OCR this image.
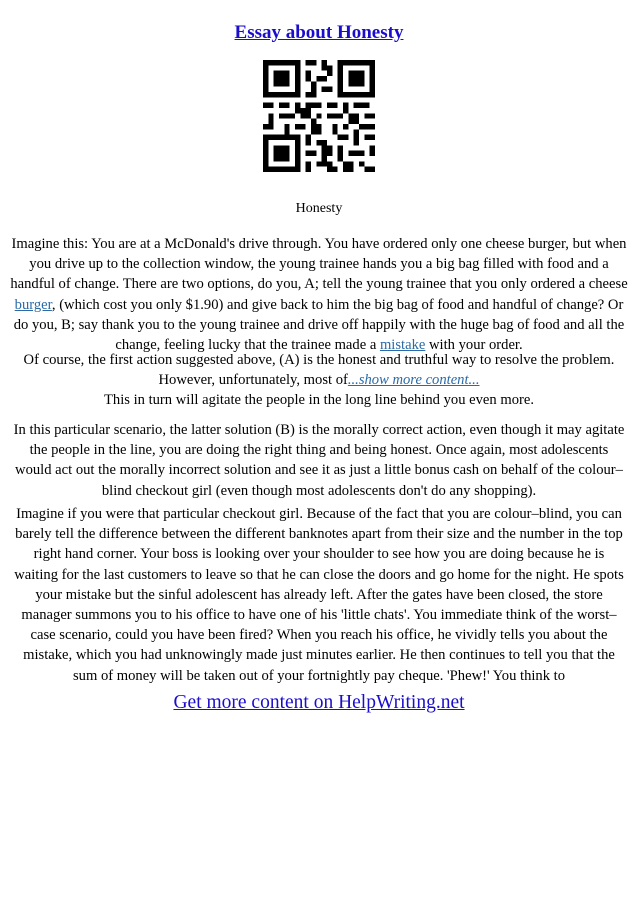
Essay about Honesty
Honesty

Imagine this: You are at a McDonald's drive through. You have ordered only one cheese burger, but when you drive up to the collection window, the young trainee hands you a big bag filled with food and a handful of change. There are two options, do you, A; tell the young trainee that you only ordered a cheese burger, (which cost you only $1.90) and give back to him the big bag of food and handful of change? Or do you, B; say thank you to the young trainee and drive off happily with the huge bag of food and all the change, feeling lucky that the trainee made a mistake with your order.

Of course, the first action suggested above, (A) is the honest and truthful way to resolve the problem. However, unfortunately, most of...show more content...
This in turn will agitate the people in the long line behind you even more.

In this particular scenario, the latter solution (B) is the morally correct action, even though it may agitate the people in the line, you are doing the right thing and being honest. Once again, most adolescents would act out the morally incorrect solution and see it as just a little bonus cash on behalf of the colour–blind checkout girl (even though most adolescents don't do any shopping).

Imagine if you were that particular checkout girl. Because of the fact that you are colour–blind, you can barely tell the difference between the different banknotes apart from their size and the number in the top right hand corner. Your boss is looking over your shoulder to see how you are doing because he is waiting for the last customers to leave so that he can close the doors and go home for the night. He spots your mistake but the sinful adolescent has already left. After the gates have been closed, the store manager summons you to his office to have one of his 'little chats'. You immediate think of the worst–case scenario, could you have been fired? When you reach his office, he vividly tells you about the mistake, which you had unknowingly made just minutes earlier. He then continues to tell you that the sum of money will be taken out of your fortnightly pay cheque. 'Phew!' You think to

Get more content on HelpWriting.net
